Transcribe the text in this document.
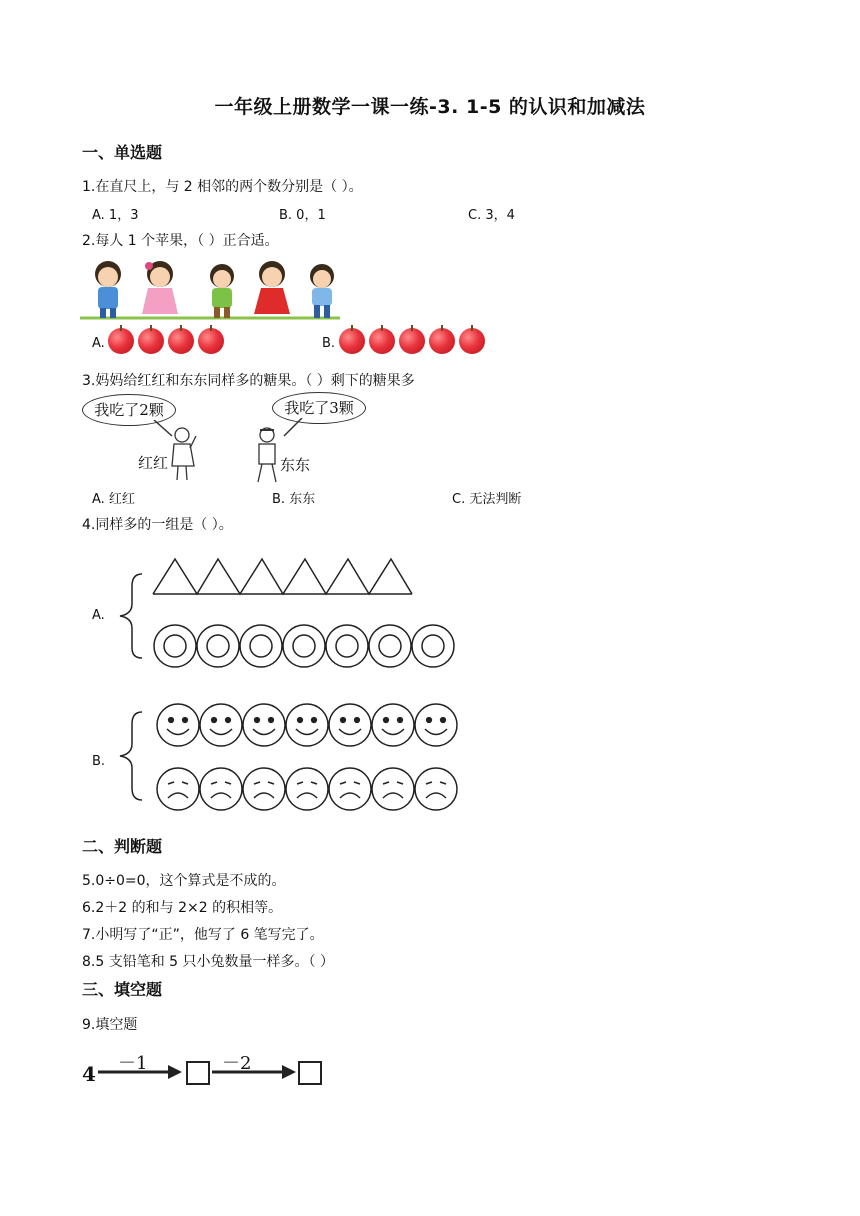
一年级上册数学一课一练-3. 1-5 的认识和加减法
一、单选题
1.在直尺上，与 2 相邻的两个数分别是（ ）。
A. 1，3	B. 0，1	C. 3，4
2.每人 1 个苹果，（ ）正合适。
A.	B.
3.妈妈给红红和东东同样多的糖果。（ ）剩下的糖果多
我吃了2颗
红红
我吃了3颗
东东
A. 红红	B. 东东	C. 无法判断
4.同样多的一组是（ ）。
A.
B.
二、判断题
5.0÷0=0，这个算式是不成的。
6.2＋2 的和与 2×2 的积相等。
7.小明写了“正”，他写了 6 笔写完了。
8.5 支铅笔和 5 只小兔数量一样多。（ ）
三、填空题
9.填空题
4 －1	－2
